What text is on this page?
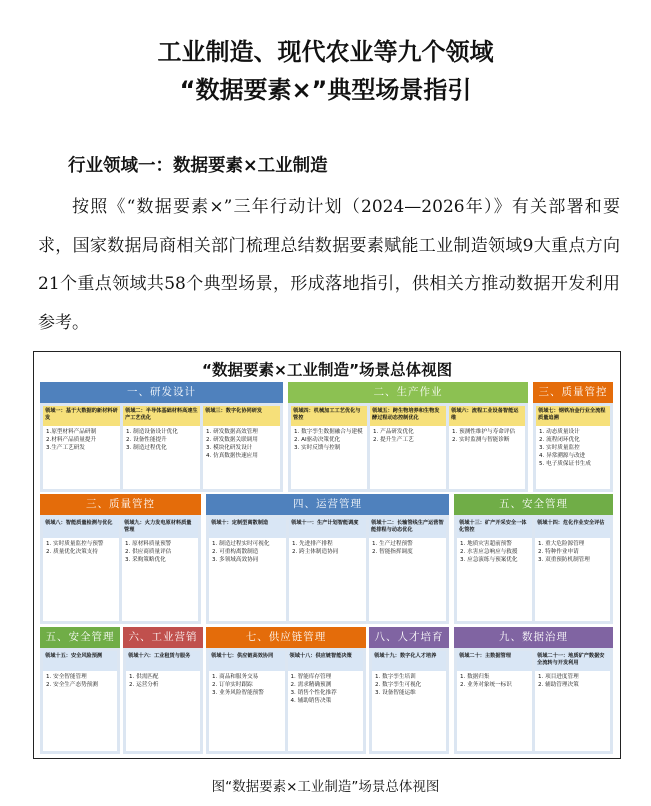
工业制造、现代农业等九个领域
“数据要素×”典型场景指引
行业领域一：数据要素×工业制造
按照《“数据要素×”三年行动计划（2024—2026年）》有关部署和要求，国家数据局商相关部门梳理总结数据要素赋能工业制造领域9大重点方向21个重点领域共58个典型场景，形成落地指引，供相关方推动数据开发利用参考。
“数据要素×工业制造”场景总体视图
一、研发设计
领域一：基于大数据的新材料研发
1.原型材料产品研制
2.材料产品质量提升
3.生产工艺研发
领域二：半导体基础材料高速生产工艺优化
1. 制造设备设计优化
2. 设备性能提升
3. 制造过程优化
领域三：数字化协同研发
1. 研发数据高效管理
2. 研发数据关联调用
3. 模块化研发设计
4. 仿真数据快速应用
二、生产作业
领域四：机械加工工艺优化与管控
1. 数字孪生数据融合与建模
2. AI驱动决策优化
3. 实时反馈与控制
领域五：跨生物培养和生物发酵过程动态控制优化
1. 产品研发优化
2. 提升生产工艺
领域六：流程工业设备智能运维
1. 预测性维护与寿命评估
2. 实时监测与智能诊断
三、质量管控
领域七：钢铁冶金行业全流程质量追溯
1. 动态质量设计
2. 流程闭环优化
3. 实时质量监控
4. 异常溯源与改进
5. 电子质保证书生成
三、质量管控
领域八：智能质量检测与优化
1. 实时质量监控与预警
2. 质量优化决策支持
领域九：火力发电原材料质量管理
1. 原材料质量预警
2. 供应商质量评估
3. 采购策略优化
四、运营管理
领域十：定制型离散制造
1. 制造过程实时可视化
2. 可重构离散制造
3. 多领域高效协同
领域十一：生产计划智能调度
1. 先进排产排程
2. 跨主体制造协同
领域十二：长输管线生产运营智能排程与动态优化
1. 生产过程预警
2. 智能指挥调度
五、安全管理
领域十三：矿产开采安全一体化管控
1. 地质灾害超前预警
2. 水害应急响应与救援
3. 应急演练与预案优化
领域十四：危化作业安全评估
1. 重大危险源管理
2. 特种作业申请
3. 双重预防机制管理
五、安全管理
领域十五：安全风险预测
1. 安全智能管理
2. 安全生产态势预测
六、工业营销
领域十六：工业租赁与服务
1. 供需匹配
2. 运营分析
七、供应链管理
领域十七：供应链高效协同
1. 商品和服务交易
2. 订单实时跟踪
3. 业务风险智能预警
领域十八：供应链智能决策
1. 智能库存管理
2. 需求精确预测
3. 销售个性化推荐
4. 辅助销售决策
八、人才培育
领域十九：数字化人才培养
1. 数字孪生培训
2. 数字孪生可视化
3. 设备智能运维
九、数据治理
领域二十：主数据管理
1. 数据归集
2. 业务对象统一标识
领域二十一：地质矿产数据安全流转与开发利用
1. 项目进度管理
2. 辅助管理决策
图“数据要素×工业制造”场景总体视图
